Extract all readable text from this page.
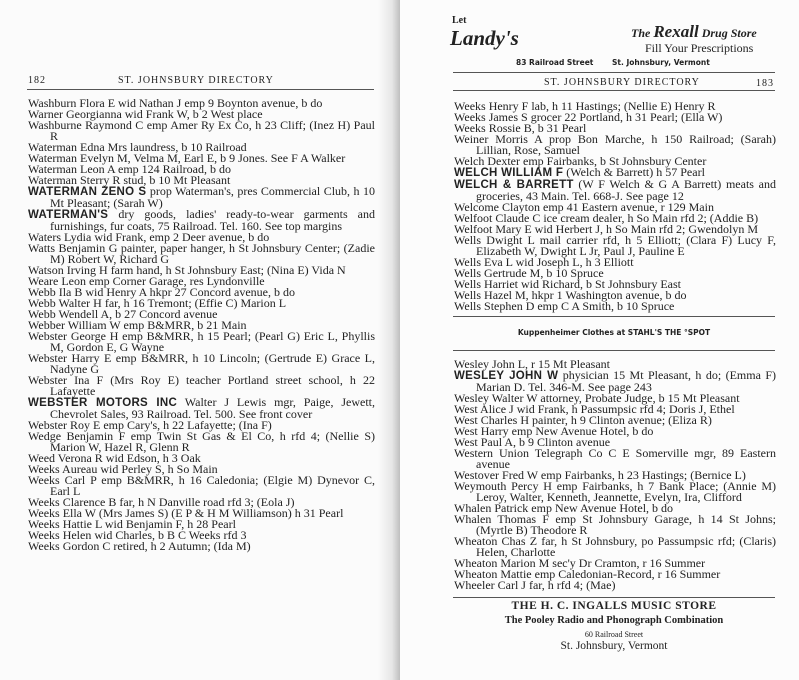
182	ST. JOHNSBURY DIRECTORY

Washburn Flora E wid Nathan J emp 9 Boynton avenue, b do

Warner Georgianna wid Frank W, b 2 West place

Washburne Raymond C emp Amer Ry Ex Co, h 23 Cliff; (Inez H) Paul R

Waterman Edna Mrs laundress, b 10 Railroad

Waterman Evelyn M, Velma M, Earl E, b 9 Jones. See F A Walker

Waterman Leon A emp 124 Railroad, b do

Waterman Sterry R stud, b 10 Mt Pleasant

WATERMAN ZENO S prop Waterman's, pres Commercial Club, h 10 Mt Pleasant; (Sarah W)

WATERMAN'S dry goods, ladies' ready-to-wear garments and furnishings, fur coats, 75 Railroad. Tel. 160. See top margins

Waters Lydia wid Frank, emp 2 Deer avenue, b do

Watts Benjamin G painter, paper hanger, h St Johnsbury Center; (Zadie M) Robert W, Richard G

Watson Irving H farm hand, h St Johnsbury East; (Nina E) Vida N

Weare Leon emp Corner Garage, res Lyndonville

Webb Ila B wid Henry A hkpr 27 Concord avenue, b do

Webb Walter H far, h 16 Tremont; (Effie C) Marion L

Webb Wendell A, b 27 Concord avenue

Webber William W emp B&MRR, b 21 Main

Webster George H emp B&MRR, h 15 Pearl; (Pearl G) Eric L, Phyllis M, Gordon E, G Wayne

Webster Harry E emp B&MRR, h 10 Lincoln; (Gertrude E) Grace L, Nadyne G

Webster Ina F (Mrs Roy E) teacher Portland street school, h 22 Lafayette

WEBSTER MOTORS INC Walter J Lewis mgr, Paige, Jewett, Chevrolet Sales, 93 Railroad. Tel. 500. See front cover

Webster Roy E emp Cary's, h 22 Lafayette; (Ina F)

Wedge Benjamin F emp Twin St Gas & El Co, h rfd 4; (Nellie S) Marion W, Hazel R, Glenn R

Weed Verona R wid Edson, h 3 Oak

Weeks Aureau wid Perley S, h So Main

Weeks Carl P emp B&MRR, h 16 Caledonia; (Elgie M) Dynevor C, Earl L

Weeks Clarence B far, h N Danville road rfd 3; (Eola J)

Weeks Ella W (Mrs James S) (E P & H M Williamson) h 31 Pearl

Weeks Hattie L wid Benjamin F, h 28 Pearl

Weeks Helen wid Charles, b B C Weeks rfd 3

Weeks Gordon C retired, h 2 Autumn; (Ida M)

Let
Landy's
83 Railroad Street
The Rexall Drug Store
Fill Your Prescriptions
St. Johnsbury, Vermont
ST. JOHNSBURY DIRECTORY	183

Weeks Henry F lab, h 11 Hastings; (Nellie E) Henry R

Weeks James S grocer 22 Portland, h 31 Pearl; (Ella W)

Weeks Rossie B, b 31 Pearl

Weiner Morris A prop Bon Marche, h 150 Railroad; (Sarah) Lillian, Rose, Samuel

Welch Dexter emp Fairbanks, b St Johnsbury Center

WELCH WILLIAM F (Welch & Barrett) h 57 Pearl

WELCH & BARRETT (W F Welch & G A Barrett) meats and groceries, 43 Main. Tel. 668-J. See page 12

Welcome Clayton emp 41 Eastern avenue, r 129 Main

Welfoot Claude C ice cream dealer, h So Main rfd 2; (Addie B)

Welfoot Mary E wid Herbert J, h So Main rfd 2; Gwendolyn M

Wells Dwight L mail carrier rfd, h 5 Elliott; (Clara F) Lucy F, Elizabeth W, Dwight L Jr, Paul J, Pauline E

Wells Eva L wid Joseph L, h 3 Elliott

Wells Gertrude M, b 10 Spruce

Wells Harriet wid Richard, b St Johnsbury East

Wells Hazel M, hkpr 1 Washington avenue, b do

Wells Stephen D emp C A Smith, b 10 Spruce

Kuppenheimer Clothes at STAHL'S THE °SPOT

Wesley John L, r 15 Mt Pleasant

WESLEY JOHN W physician 15 Mt Pleasant, h do; (Emma F) Marian D. Tel. 346-M. See page 243

Wesley Walter W attorney, Probate Judge, b 15 Mt Pleasant

West Alice J wid Frank, h Passumpsic rfd 4; Doris J, Ethel

West Charles H painter, h 9 Clinton avenue; (Eliza R)

West Harry emp New Avenue Hotel, b do

West Paul A, b 9 Clinton avenue

Western Union Telegraph Co C E Somerville mgr, 89 Eastern avenue

Westover Fred W emp Fairbanks, h 23 Hastings; (Bernice L)

Weymouth Percy H emp Fairbanks, h 7 Bank Place; (Annie M) Leroy, Walter, Kenneth, Jeannette, Evelyn, Ira, Clifford

Whalen Patrick emp New Avenue Hotel, b do

Whalen Thomas F emp St Johnsbury Garage, h 14 St Johns; (Myrtle B) Theodore R

Wheaton Chas Z far, h St Johnsbury, po Passumpsic rfd; (Claris) Helen, Charlotte

Wheaton Marion M sec'y Dr Cramton, r 16 Summer

Wheaton Mattie emp Caledonian-Record, r 16 Summer

Wheeler Carl J far, h rfd 4; (Mae)

THE H. C. INGALLS MUSIC STORE
The Pooley Radio and Phonograph Combination
60 Railroad Street
St. Johnsbury, Vermont
